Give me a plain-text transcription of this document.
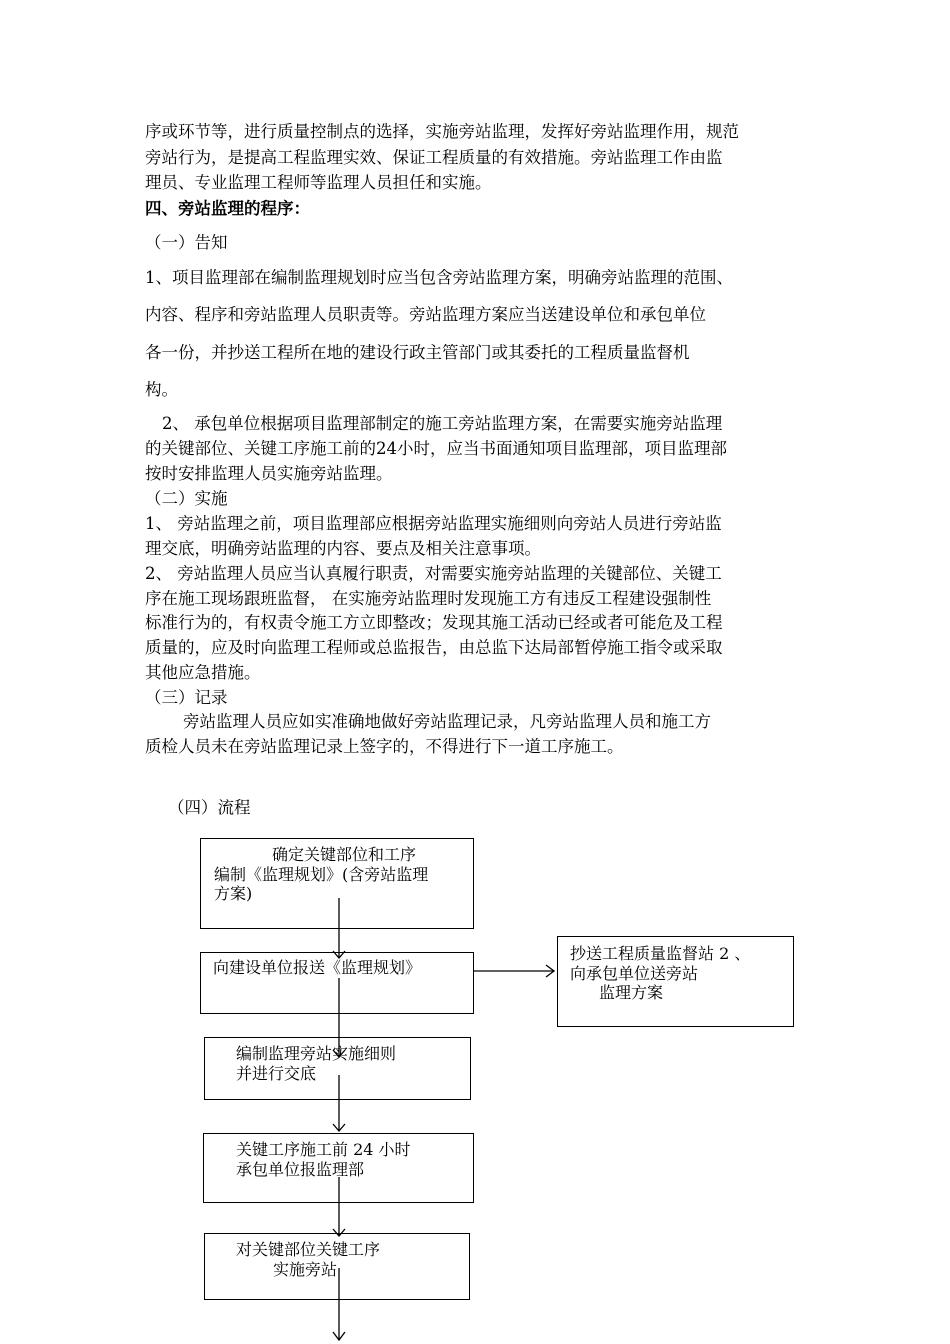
序或环节等，进行质量控制点的选择，实施旁站监理，发挥好旁站监理作用，规范
旁站行为，是提高工程监理实效、保证工程质量的有效措施。旁站监理工作由监
理员、专业监理工程师等监理人员担任和实施。
四、旁站监理的程序：
（一）告知
1、项目监理部在编制监理规划时应当包含旁站监理方案，明确旁站监理的范围、
内容、程序和旁站监理人员职责等。旁站监理方案应当送建设单位和承包单位
各一份，并抄送工程所在地的建设行政主管部门或其委托的工程质量监督机
构。
2、 承包单位根据项目监理部制定的施工旁站监理方案，在需要实施旁站监理
的关键部位、关键工序施工前的24小时，应当书面通知项目监理部，项目监理部
按时安排监理人员实施旁站监理。
（二）实施
1、 旁站监理之前，项目监理部应根据旁站监理实施细则向旁站人员进行旁站监
理交底，明确旁站监理的内容、要点及相关注意事项。
2、 旁站监理人员应当认真履行职责，对需要实施旁站监理的关键部位、关键工
序在施工现场跟班监督， 在实施旁站监理时发现施工方有违反工程建设强制性
标准行为的，有权责令施工方立即整改；发现其施工活动已经或者可能危及工程
质量的，应及时向监理工程师或总监报告，由总监下达局部暂停施工指令或采取
其他应急措施。
（三）记录
旁站监理人员应如实准确地做好旁站监理记录，凡旁站监理人员和施工方
质检人员未在旁站监理记录上签字的，不得进行下一道工序施工。
（四）流程
确定关键部位和工序
编制《监理规划》(含旁站监理
方案)
向建设单位报送《监理规划》
抄送工程质量监督站 2 、
向承包单位送旁站
监理方案
编制监理旁站实施细则
并进行交底
关键工序施工前 24 小时
承包单位报监理部
对关键部位关键工序
实施旁站
